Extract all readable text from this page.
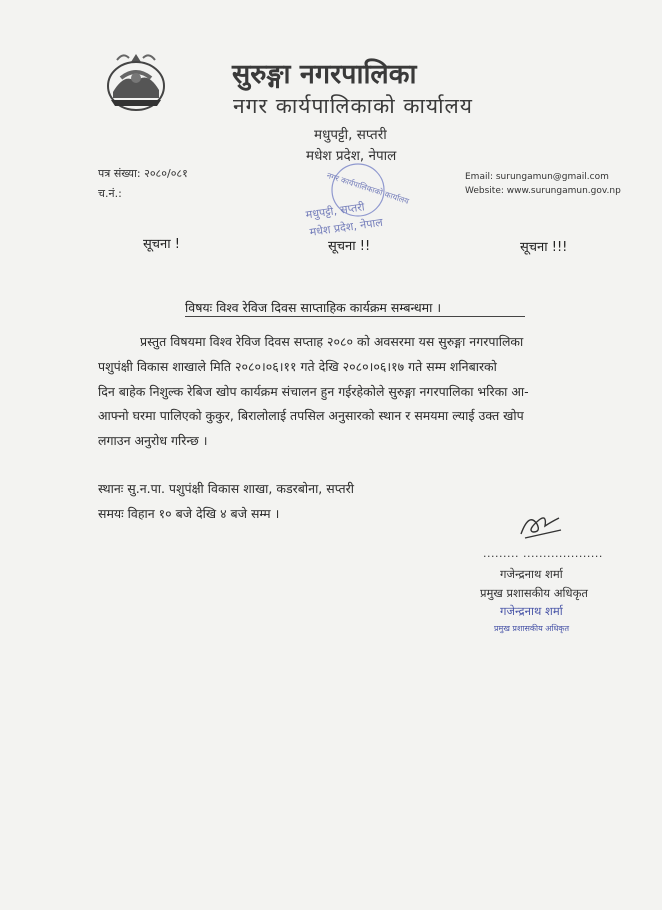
सुरुङ्गा नगरपालिका
नगर कार्यपालिकाको कार्यालय
मधुपट्टी, सप्तरी
मधेश प्रदेश, नेपाल
पत्र संख्या: २०८०/०८१
च.नं.:
Email: surungamun@gmail.com
Website: www.surungamun.gov.np
नगर कार्यपालिकाको कार्यालय
मधुपट्टी, सप्तरी
मधेश प्रदेश, नेपाल
सूचना !	सूचना !!	सूचना !!!
विषयः विश्व रेविज दिवस साप्ताहिक कार्यक्रम सम्बन्धमा ।
प्रस्तुत विषयमा विश्व रेविज दिवस सप्ताह २०८० को अवसरमा यस सुरुङ्गा नगरपालिका
पशुपंक्षी विकास शाखाले मिति २०८०।०६।११ गते देखि २०८०।०६।१७ गते सम्म शनिबारको
दिन बाहेक निशुल्क रेबिज खोप कार्यक्रम संचालन हुन गईरहेकोले सुरुङ्गा नगरपालिका भरिका आ-
आफ्नो घरमा पालिएको कुकुर, बिरालोलाई तपसिल अनुसारको स्थान र समयमा ल्याई उक्त खोप
लगाउन अनुरोध गरिन्छ ।
स्थानः सु.न.पा. पशुपंक्षी विकास शाखा, कडरबोना, सप्तरी
समयः विहान १० बजे देखि ४ बजे सम्म ।
......... ....................
गजेन्द्रनाथ शर्मा
प्रमुख प्रशासकीय अधिकृत
गजेन्द्रनाथ शर्मा
प्रमुख प्रशासकीय अधिकृत
